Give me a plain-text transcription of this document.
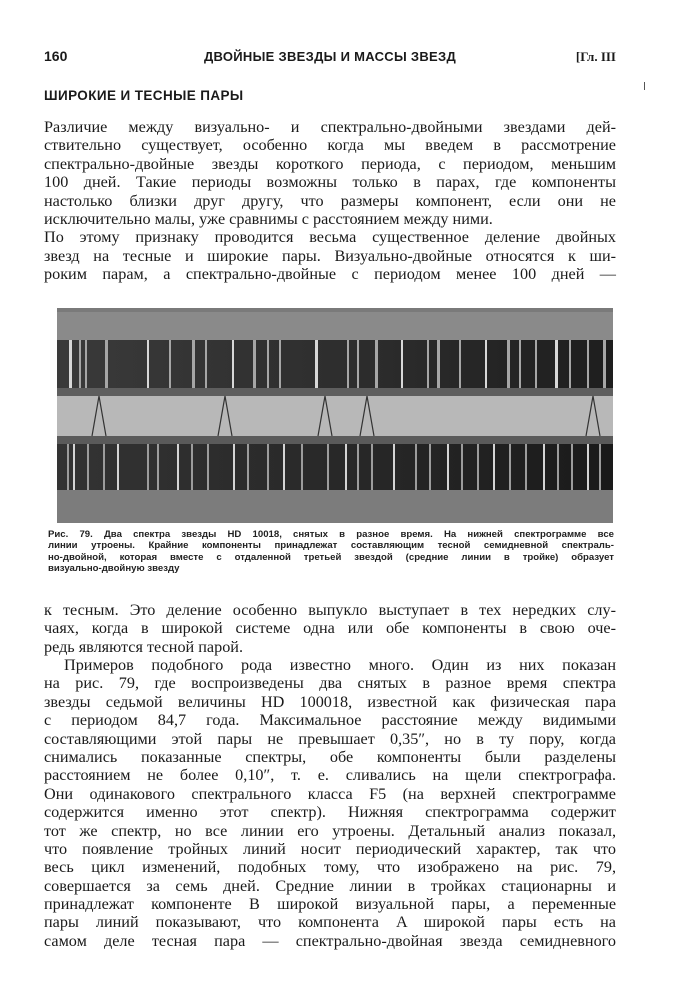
160	ДВОЙНЫЕ ЗВЕЗДЫ И МАССЫ ЗВЕЗД	[Гл. III
ШИРОКИЕ И ТЕСНЫЕ ПАРЫ
Различие между визуально- и спектрально-двойными звездами дей-
ствительно существует, особенно когда мы введем в рассмотрение
спектрально-двойные звезды короткого периода, с периодом, меньшим
100 дней. Такие периоды возможны только в парах, где компоненты
настолько близки друг другу, что размеры компонент, если они не
исключительно малы, уже сравнимы с расстоянием между ними.
По этому признаку проводится весьма существенное деление двойных
звезд на тесные и широкие пары. Визуально-двойные относятся к ши-
роким парам, а спектрально-двойные с периодом менее 100 дней —
Рис. 79. Два спектра звезды HD 10018, снятых в разное время. На нижней спектрограмме все
линии утроены. Крайние компоненты принадлежат составляющим тесной семидневной спектраль-
но-двойной, которая вместе с отдаленной третьей звездой (средние линии в тройке) образует
визуально-двойную звезду
к тесным. Это деление особенно выпукло выступает в тех нередких слу-
чаях, когда в широкой системе одна или обе компоненты в свою оче-
редь являются тесной парой.
Примеров подобного рода известно много. Один из них показан
на рис. 79, где воспроизведены два снятых в разное время спектра
звезды седьмой величины HD 100018, известной как физическая пара
с периодом 84,7 года. Максимальное расстояние между видимыми
составляющими этой пары не превышает 0,35″, но в ту пору, когда
снимались показанные спектры, обе компоненты были разделены
расстоянием не более 0,10″, т. е. сливались на щели спектрографа.
Они одинакового спектрального класса F5 (на верхней спектрограмме
содержится именно этот спектр). Нижняя спектрограмма содержит
тот же спектр, но все линии его утроены. Детальный анализ показал,
что появление тройных линий носит периодический характер, так что
весь цикл изменений, подобных тому, что изображено на рис. 79,
совершается за семь дней. Средние линии в тройках стационарны и
принадлежат компоненте B широкой визуальной пары, а переменные
пары линий показывают, что компонента A широкой пары есть на
самом деле тесная пара — спектрально-двойная звезда семидневного
